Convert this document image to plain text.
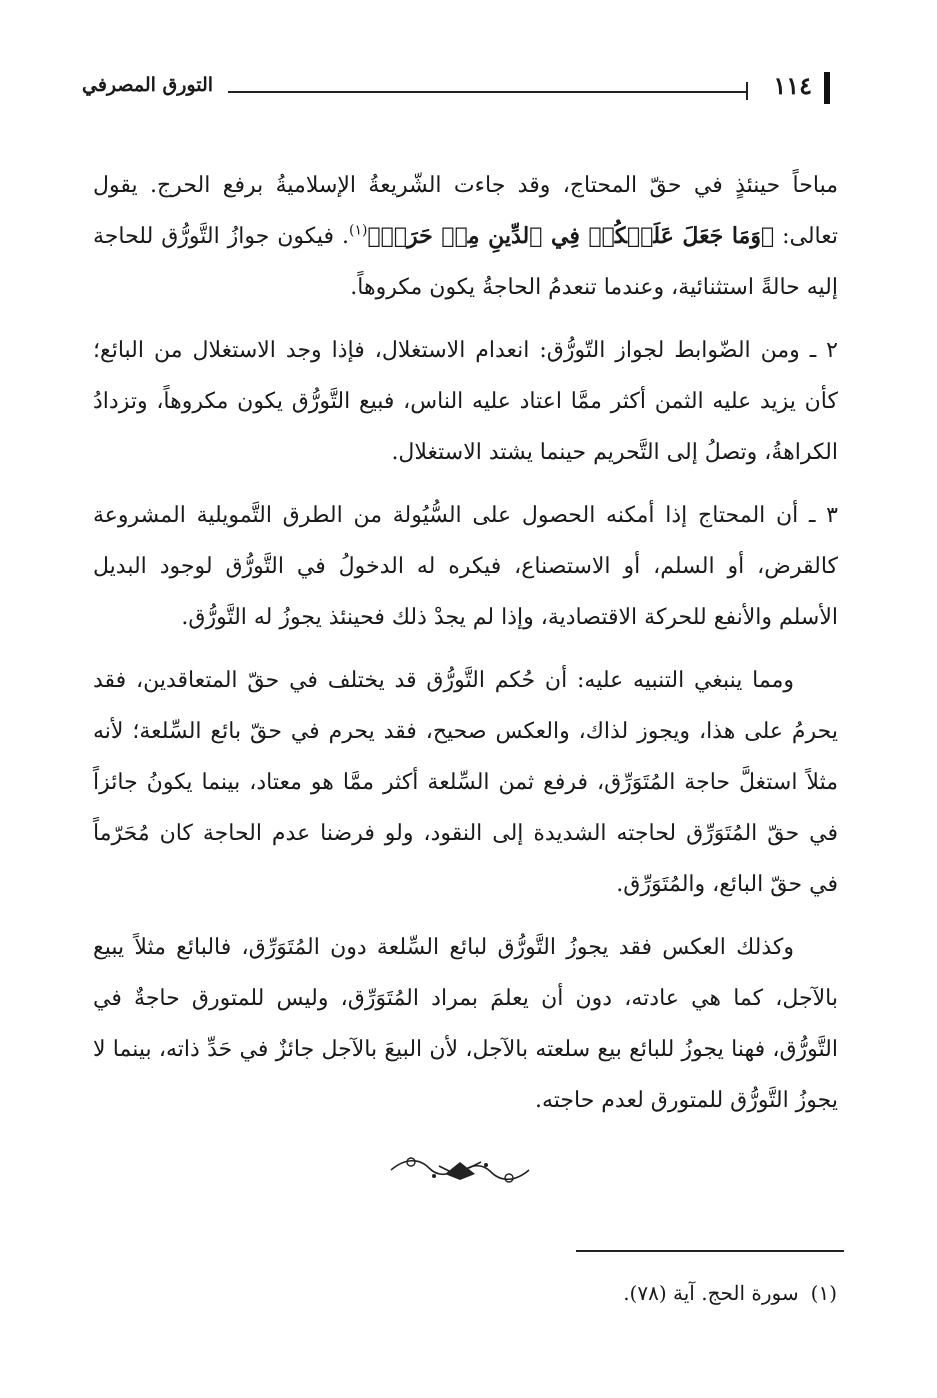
١١٤
التورق المصرفي

مباحاً حينئذٍ في حقّ المحتاج، وقد جاءت الشّريعةُ الإسلاميةُ برفع الحرج. يقول تعالى: ﴿وَمَا جَعَلَ عَلَيۡكُمۡ فِي ٱلدِّينِ مِنۡ حَرَجٖ﴾$^{(١)}$. فيكون جوازُ التَّورُّق للحاجة إليه حالةً استثنائية، وعندما تنعدمُ الحاجةُ يكون مكروهاً.

٢ ـ ومن الضّوابط لجواز التّورُّق: انعدام الاستغلال، فإذا وجد الاستغلال من البائع؛ كأن يزيد عليه الثمن أكثر ممَّا اعتاد عليه الناس، فبيع التَّورُّق يكون مكروهاً، وتزدادُ الكراهةُ، وتصلُ إلى التَّحريم حينما يشتد الاستغلال.

٣ ـ أن المحتاج إذا أمكنه الحصول على السُّيُولة من الطرق التَّمويلية المشروعة كالقرض، أو السلم، أو الاستصناع، فيكره له الدخولُ في التَّورُّق لوجود البديل الأسلم والأنفع للحركة الاقتصادية، وإذا لم يجدْ ذلك فحينئذ يجوزُ له التَّورُّق.

ومما ينبغي التنبيه عليه: أن حُكم التَّورُّق قد يختلف في حقّ المتعاقدين، فقد يحرمُ على هذا، ويجوز لذاك، والعكس صحيح، فقد يحرم في حقّ بائع السِّلعة؛ لأنه مثلاً استغلَّ حاجة المُتَوَرِّق، فرفع ثمن السِّلعة أكثر ممَّا هو معتاد، بينما يكونُ جائزاً في حقّ المُتَوَرِّق لحاجته الشديدة إلى النقود، ولو فرضنا عدم الحاجة كان مُحَرّماً في حقّ البائع، والمُتَوَرِّق.

وكذلك العكس فقد يجوزُ التَّورُّق لبائع السِّلعة دون المُتَوَرِّق، فالبائع مثلاً يبيع بالآجل، كما هي عادته، دون أن يعلمَ بمراد المُتَوَرِّق، وليس للمتورق حاجةٌ في التَّورُّق، فهنا يجوزُ للبائع بيع سلعته بالآجل، لأن البيعَ بالآجل جائزٌ في حَدِّ ذاته، بينما لا يجوزُ التَّورُّق للمتورق لعدم حاجته.

(١)سورة الحج. آية (٧٨).
